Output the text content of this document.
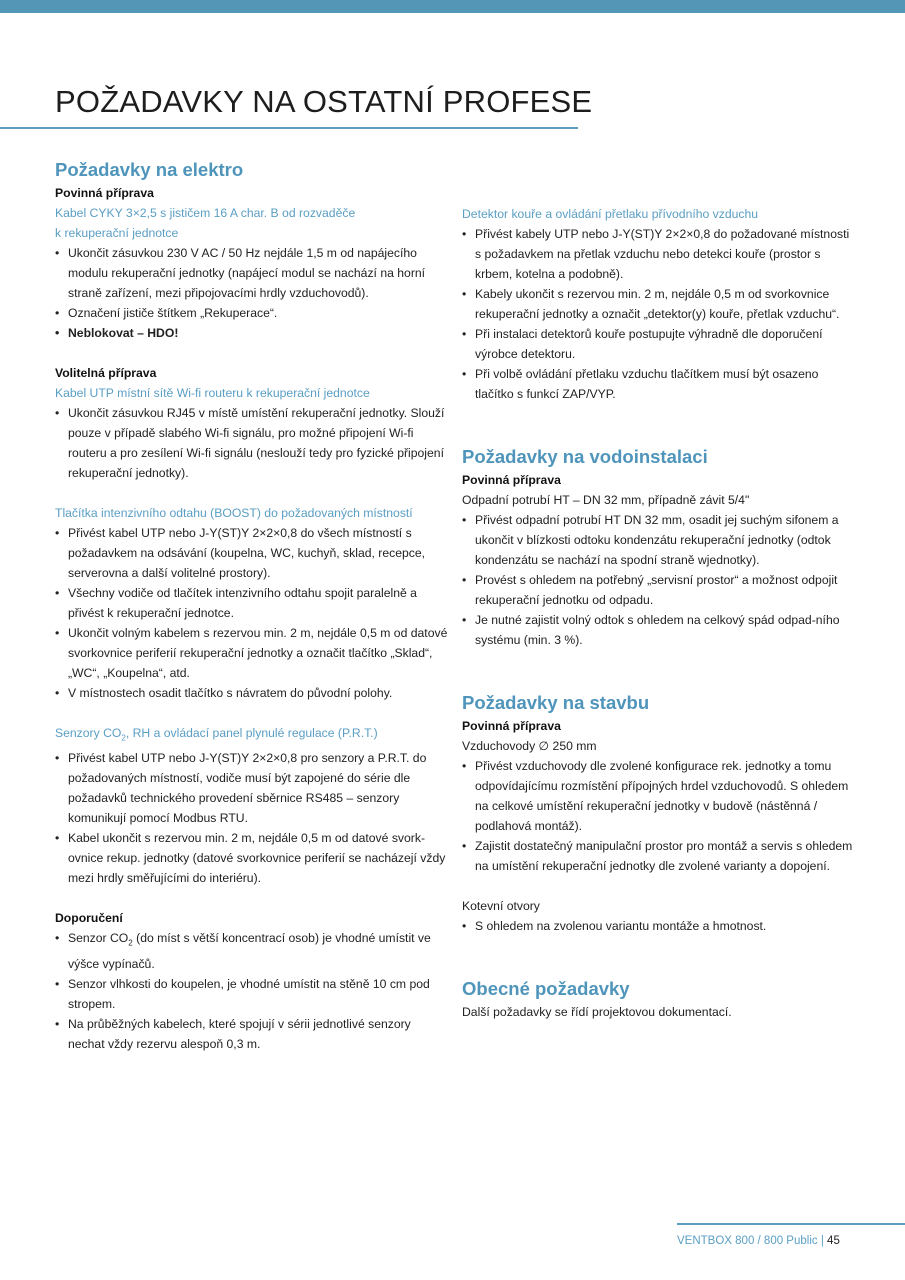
POŽADAVKY NA OSTATNÍ PROFESE
Požadavky na elektro
Povinná příprava
Kabel CYKY 3×2,5 s jističem 16 A char. B od rozvaděče
k rekuperační jednotce
• Ukončit zásuvkou 230 V AC / 50 Hz nejdále 1,5 m od napájecího modulu rekuperační jednotky (napájecí modul se nachází na horní straně zařízení, mezi připojovacími hrdly vzduchovodů).
• Označení jističe štítkem „Rekuperace“.
• Neblokovat – HDO!
Volitelná příprava
Kabel UTP místní sítě Wi-fi routeru k rekuperační jednotce
• Ukončit zásuvkou RJ45 v místě umístění rekuperační jednotky. Slouží pouze v případě slabého Wi-fi signálu, pro možné připojení Wi-fi routeru a pro zesílení Wi-fi signálu (neslouží tedy pro fyzické připojení rekuperační jednotky).
Tlačítka intenzivního odtahu (BOOST) do požadovaných místností
• Přivést kabel UTP nebo J-Y(ST)Y 2×2×0,8 do všech místností s požadavkem na odsávání (koupelna, WC, kuchyň, sklad, recepce, serverovna a další volitelné prostory).
• Všechny vodiče od tlačítek intenzivního odtahu spojit paralelně a přivést k rekuperační jednotce.
• Ukončit volným kabelem s rezervou min. 2 m, nejdále 0,5 m od datové svorkovnice periferií rekuperační jednotky a označit tlačítko „Sklad“, „WC“, „Koupelna“, atd.
• V místnostech osadit tlačítko s návratem do původní polohy.
Senzory $CO_2$, RH a ovládací panel plynulé regulace (P.R.T.)
• Přivést kabel UTP nebo J-Y(ST)Y 2×2×0,8 pro senzory a P.R.T. do požadovaných místností, vodiče musí být zapojené do série dle požadavků technického provedení sběrnice RS485 – senzory komunikují pomocí Modbus RTU.
• Kabel ukončit s rezervou min. 2 m, nejdále 0,5 m od datové svork-ovnice rekup. jednotky (datové svorkovnice periferií se nacházejí vždy mezi hrdly směřujícími do interiéru).
Doporučení
• Senzor $CO_2$ (do míst s větší koncentrací osob) je vhodné umístit ve výšce vypínačů.
• Senzor vlhkosti do koupelen, je vhodné umístit na stěně 10 cm pod stropem.
• Na průběžných kabelech, které spojují v sérii jednotlivé senzory nechat vždy rezervu alespoň 0,3 m.
Detektor kouře a ovládání přetlaku přívodního vzduchu
• Přivést kabely UTP nebo J-Y(ST)Y 2×2×0,8 do požadované místnosti s požadavkem na přetlak vzduchu nebo detekci kouře (prostor s krbem, kotelna a podobně).
• Kabely ukončit s rezervou min. 2 m, nejdále 0,5 m od svorkovnice rekuperační jednotky a označit „detektor(y) kouře, přetlak vzduchu“.
• Při instalaci detektorů kouře postupujte výhradně dle doporučení výrobce detektoru.
• Při volbě ovládání přetlaku vzduchu tlačítkem musí být osazeno tlačítko s funkcí ZAP/VYP.
Požadavky na vodoinstalaci
Povinná příprava
Odpadní potrubí HT – DN 32 mm, případně závit 5/4"
• Přivést odpadní potrubí HT DN 32 mm, osadit jej suchým sifonem a ukončit v blízkosti odtoku kondenzátu rekuperační jednotky (odtok kondenzátu se nachází na spodní straně wjednotky).
• Provést s ohledem na potřebný „servisní prostor“ a možnost odpojit rekuperační jednotku od odpadu.
• Je nutné zajistit volný odtok s ohledem na celkový spád odpad-ního systému (min. 3 %).
Požadavky na stavbu
Povinná příprava
Vzduchovody ∅ 250 mm
• Přivést vzduchovody dle zvolené konfigurace rek. jednotky a tomu odpovídajícímu rozmístění přípojných hrdel vzduchovodů. S ohledem na celkové umístění rekuperační jednotky v budově (nástěnná / podlahová montáž).
• Zajistit dostatečný manipulační prostor pro montáž a servis s ohledem na umístění rekuperační jednotky dle zvolené varianty a dopojení.
Kotevní otvory
• S ohledem na zvolenou variantu montáže a hmotnost.
Obecné požadavky
Další požadavky se řídí projektovou dokumentací.
VENTBOX 800 / 800 Public | 45
